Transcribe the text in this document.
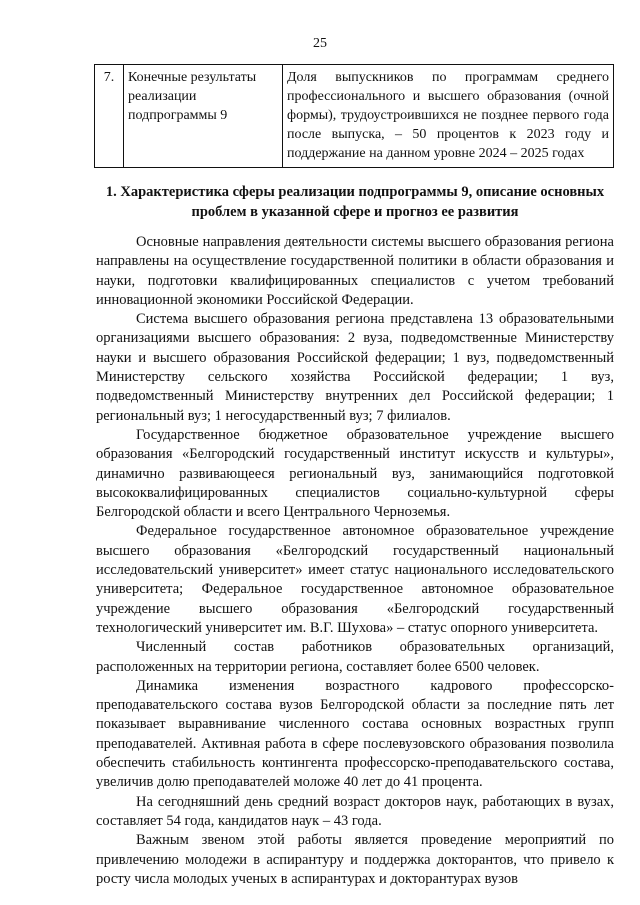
25
7.	Конечные результаты реализации подпрограммы 9	Доля выпускников по программам среднего профессионального и высшего образования (очной формы), трудоустроившихся не позднее первого года после выпуска, – 50 процентов к 2023 году и поддержание на данном уровне 2024 – 2025 годах
1. Характеристика сферы реализации подпрограммы 9, описание основных проблем в указанной сфере и прогноз ее развития

Основные направления деятельности системы высшего образования региона направлены на осуществление государственной политики в области образования и науки, подготовки квалифицированных специалистов с учетом требований инновационной экономики Российской Федерации.

Система высшего образования региона представлена 13 образовательными организациями высшего образования: 2 вуза, подведомственные Министерству науки и высшего образования Российской федерации; 1 вуз, подведомственный Министерству сельского хозяйства Российской федерации; 1 вуз, подведомственный Министерству внутренних дел Российской федерации; 1 региональный вуз; 1 негосударственный вуз; 7 филиалов.

Государственное бюджетное образовательное учреждение высшего образования «Белгородский государственный институт искусств и культуры», динамично развивающееся региональный вуз, занимающийся подготовкой высококвалифицированных специалистов социально-культурной сферы Белгородской области и всего Центрального Черноземья.

Федеральное государственное автономное образовательное учреждение высшего образования «Белгородский государственный национальный исследовательский университет» имеет статус национального исследовательского университета; Федеральное государственное автономное образовательное учреждение высшего образования «Белгородский государственный технологический университет им. В.Г. Шухова» – статус опорного университета.

Численный состав работников образовательных организаций, расположенных на территории региона, составляет более 6500 человек.

Динамика изменения возрастного кадрового профессорско-преподавательского состава вузов Белгородской области за последние пять лет показывает выравнивание численного состава основных возрастных групп преподавателей. Активная работа в сфере послевузовского образования позволила обеспечить стабильность контингента профессорско-преподавательского состава, увеличив долю преподавателей моложе 40 лет до 41 процента.

На сегодняшний день средний возраст докторов наук, работающих в вузах, составляет 54 года, кандидатов наук – 43 года.

Важным звеном этой работы является проведение мероприятий по привлечению молодежи в аспирантуру и поддержка докторантов, что привело к росту числа молодых ученых в аспирантурах и докторантурах вузов
